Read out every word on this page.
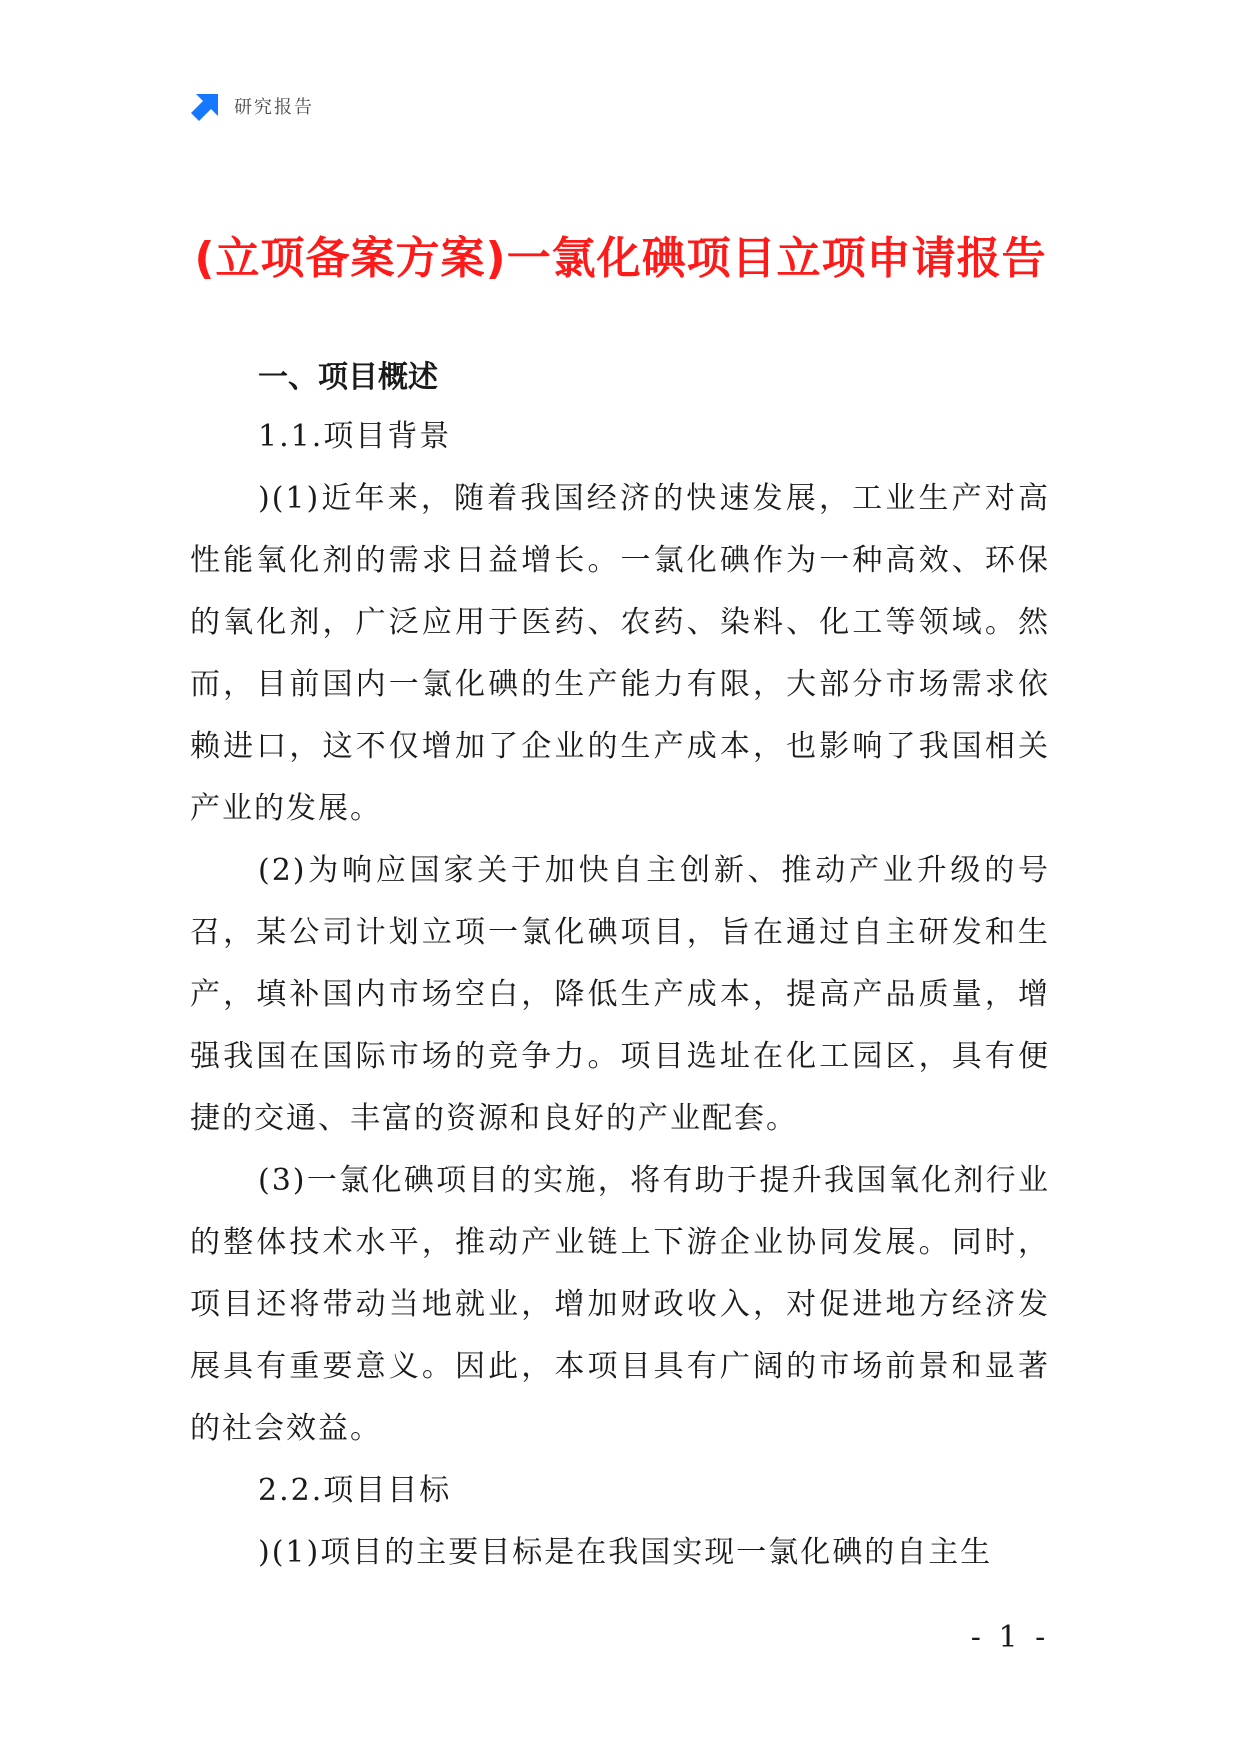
研究报告
(立项备案方案)一氯化碘项目立项申请报告
一、项目概述
1.1.项目背景

)(1)近年来，随着我国经济的快速发展，工业生产对高性能氧化剂的需求日益增长。一氯化碘作为一种高效、环保的氧化剂，广泛应用于医药、农药、染料、化工等领域。然而，目前国内一氯化碘的生产能力有限，大部分市场需求依赖进口，这不仅增加了企业的生产成本，也影响了我国相关产业的发展。

(2)为响应国家关于加快自主创新、推动产业升级的号召，某公司计划立项一氯化碘项目，旨在通过自主研发和生产，填补国内市场空白，降低生产成本，提高产品质量，增强我国在国际市场的竞争力。项目选址在化工园区，具有便捷的交通、丰富的资源和良好的产业配套。

(3)一氯化碘项目的实施，将有助于提升我国氧化剂行业的整体技术水平，推动产业链上下游企业协同发展。同时，项目还将带动当地就业，增加财政收入，对促进地方经济发展具有重要意义。因此，本项目具有广阔的市场前景和显著的社会效益。

2.2.项目目标

)(1)项目的主要目标是在我国实现一氯化碘的自主生

- 1 -
